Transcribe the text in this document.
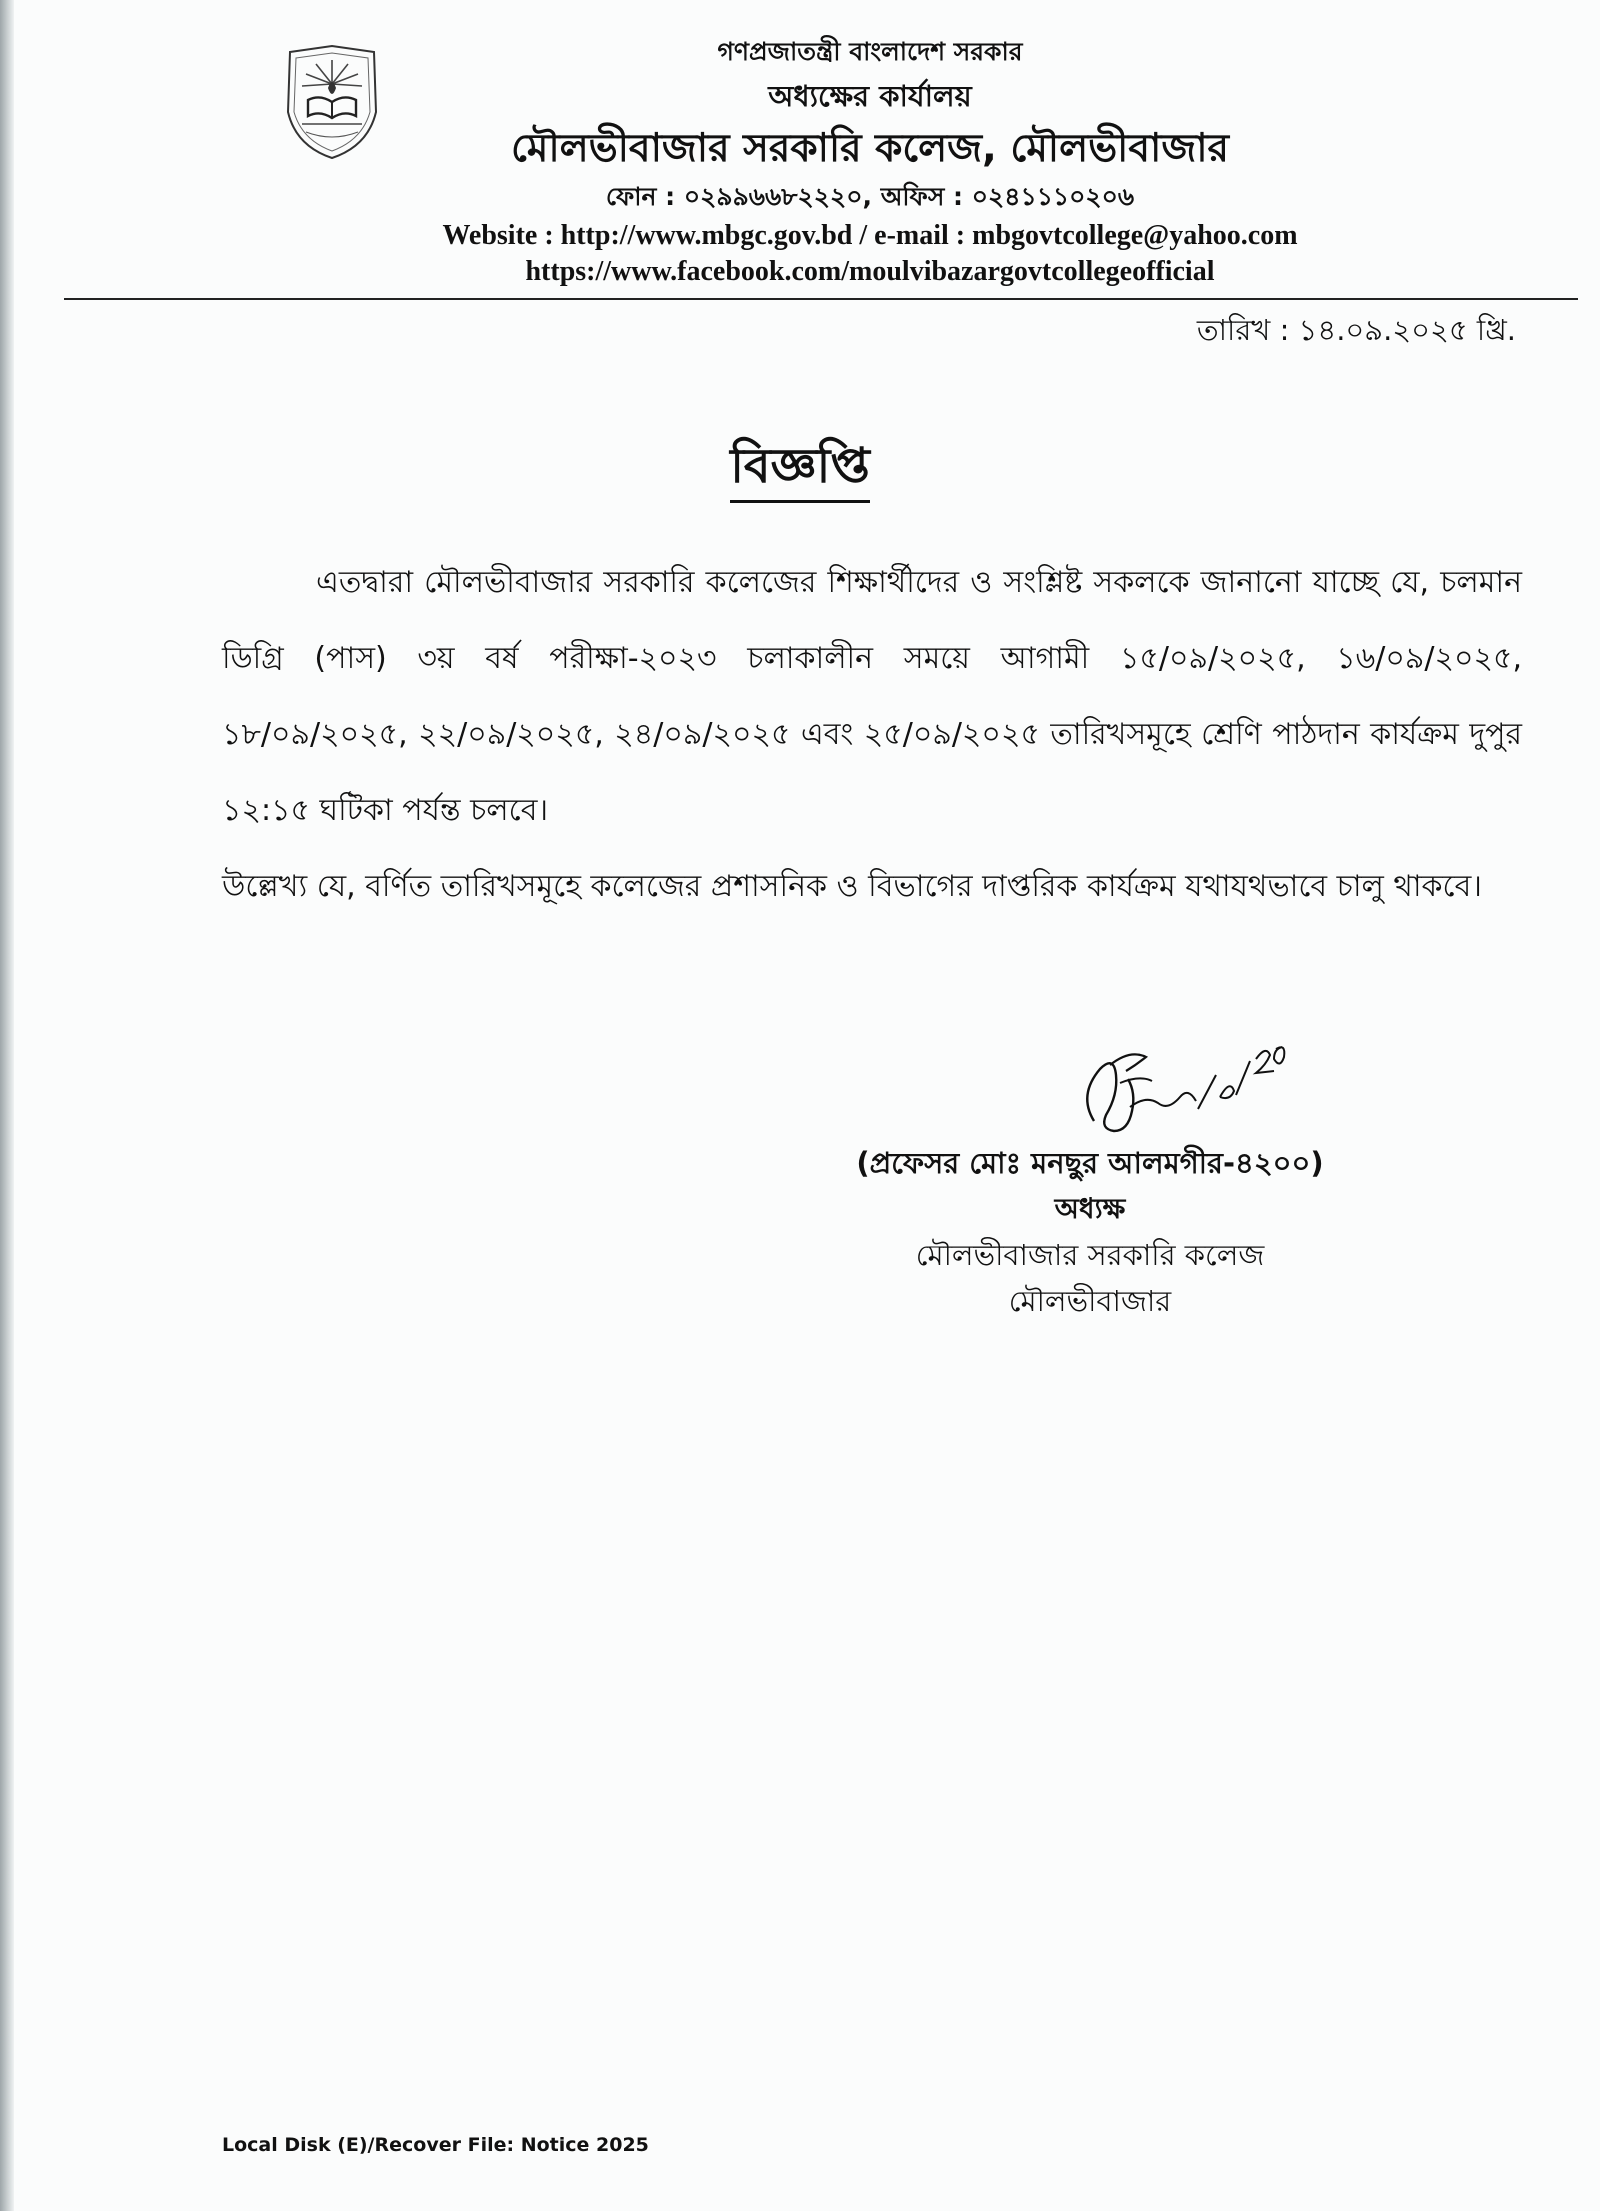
গণপ্রজাতন্ত্রী বাংলাদেশ সরকার
অধ্যক্ষের কার্যালয়
মৌলভীবাজার সরকারি কলেজ, মৌলভীবাজার
ফোন : ০২৯৯৬৬৮২২২০, অফিস : ০২৪১১১০২০৬
Website : http://www.mbgc.gov.bd / e-mail : mbgovtcollege@yahoo.com
https://www.facebook.com/moulvibazargovtcollegeofficial
তারিখ : ১৪.০৯.২০২৫ খ্রি.
বিজ্ঞপ্তি

এতদ্বারা মৌলভীবাজার সরকারি কলেজের শিক্ষার্থীদের ও সংশ্লিষ্ট সকলকে জানানো যাচ্ছে যে, চলমান ডিগ্রি (পাস) ৩য় বর্ষ পরীক্ষা-২০২৩ চলাকালীন সময়ে আগামী ১৫/০৯/২০২৫, ১৬/০৯/২০২৫, ১৮/০৯/২০২৫, ২২/০৯/২০২৫, ২৪/০৯/২০২৫ এবং ২৫/০৯/২০২৫ তারিখসমূহে শ্রেণি পাঠদান কার্যক্রম দুপুর ১২:১৫ ঘটিকা পর্যন্ত চলবে।

উল্লেখ্য যে, বর্ণিত তারিখসমূহে কলেজের প্রশাসনিক ও বিভাগের দাপ্তরিক কার্যক্রম যথাযথভাবে চালু থাকবে।

(প্রফেসর মোঃ মনছুর আলমগীর-৪২০০)
অধ্যক্ষ
মৌলভীবাজার সরকারি কলেজ
মৌলভীবাজার
Local Disk (E)/Recover File: Notice 2025
